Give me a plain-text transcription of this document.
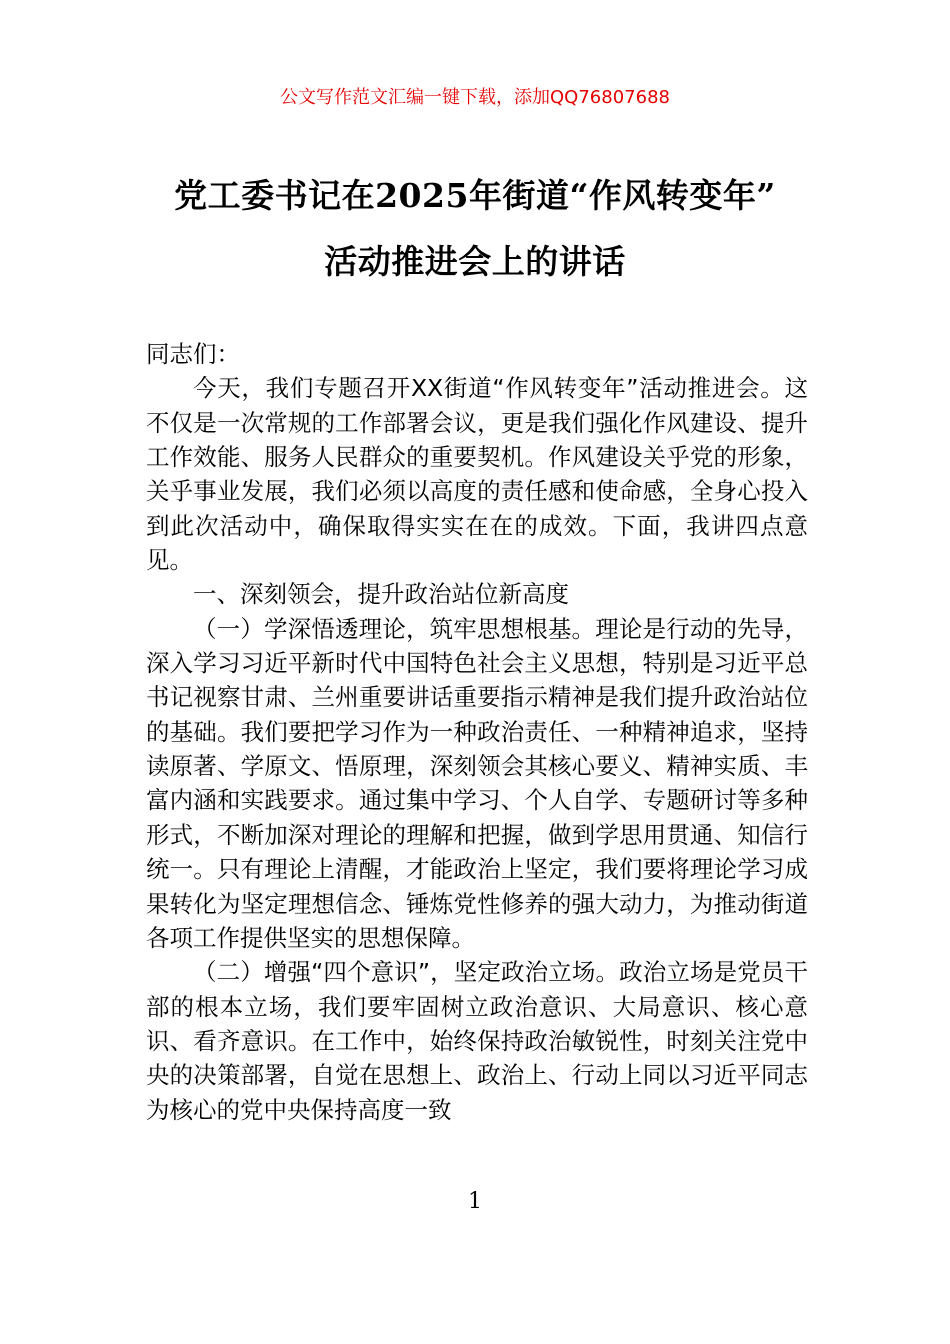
公文写作范文汇编一键下载，添加QQ76807688
党工委书记在2025年街道“作风转变年”
活动推进会上的讲话

同志们：

今天，我们专题召开XX街道“作风转变年”活动推进会。这不仅是一次常规的工作部署会议，更是我们强化作风建设、提升工作效能、服务人民群众的重要契机。作风建设关乎党的形象，关乎事业发展，我们必须以高度的责任感和使命感，全身心投入到此次活动中，确保取得实实在在的成效。下面，我讲四点意见。

一、深刻领会，提升政治站位新高度

（一）学深悟透理论，筑牢思想根基。理论是行动的先导，深入学习习近平新时代中国特色社会主义思想，特别是习近平总书记视察甘肃、兰州重要讲话重要指示精神是我们提升政治站位的基础。我们要把学习作为一种政治责任、一种精神追求，坚持读原著、学原文、悟原理，深刻领会其核心要义、精神实质、丰富内涵和实践要求。通过集中学习、个人自学、专题研讨等多种形式，不断加深对理论的理解和把握，做到学思用贯通、知信行统一。只有理论上清醒，才能政治上坚定，我们要将理论学习成果转化为坚定理想信念、锤炼党性修养的强大动力，为推动街道各项工作提供坚实的思想保障。

（二）增强“四个意识”，坚定政治立场。政治立场是党员干部的根本立场，我们要牢固树立政治意识、大局意识、核心意识、看齐意识。在工作中，始终保持政治敏锐性，时刻关注党中央的决策部署，自觉在思想上、政治上、行动上同以习近平同志为核心的党中央保持高度一致

1
